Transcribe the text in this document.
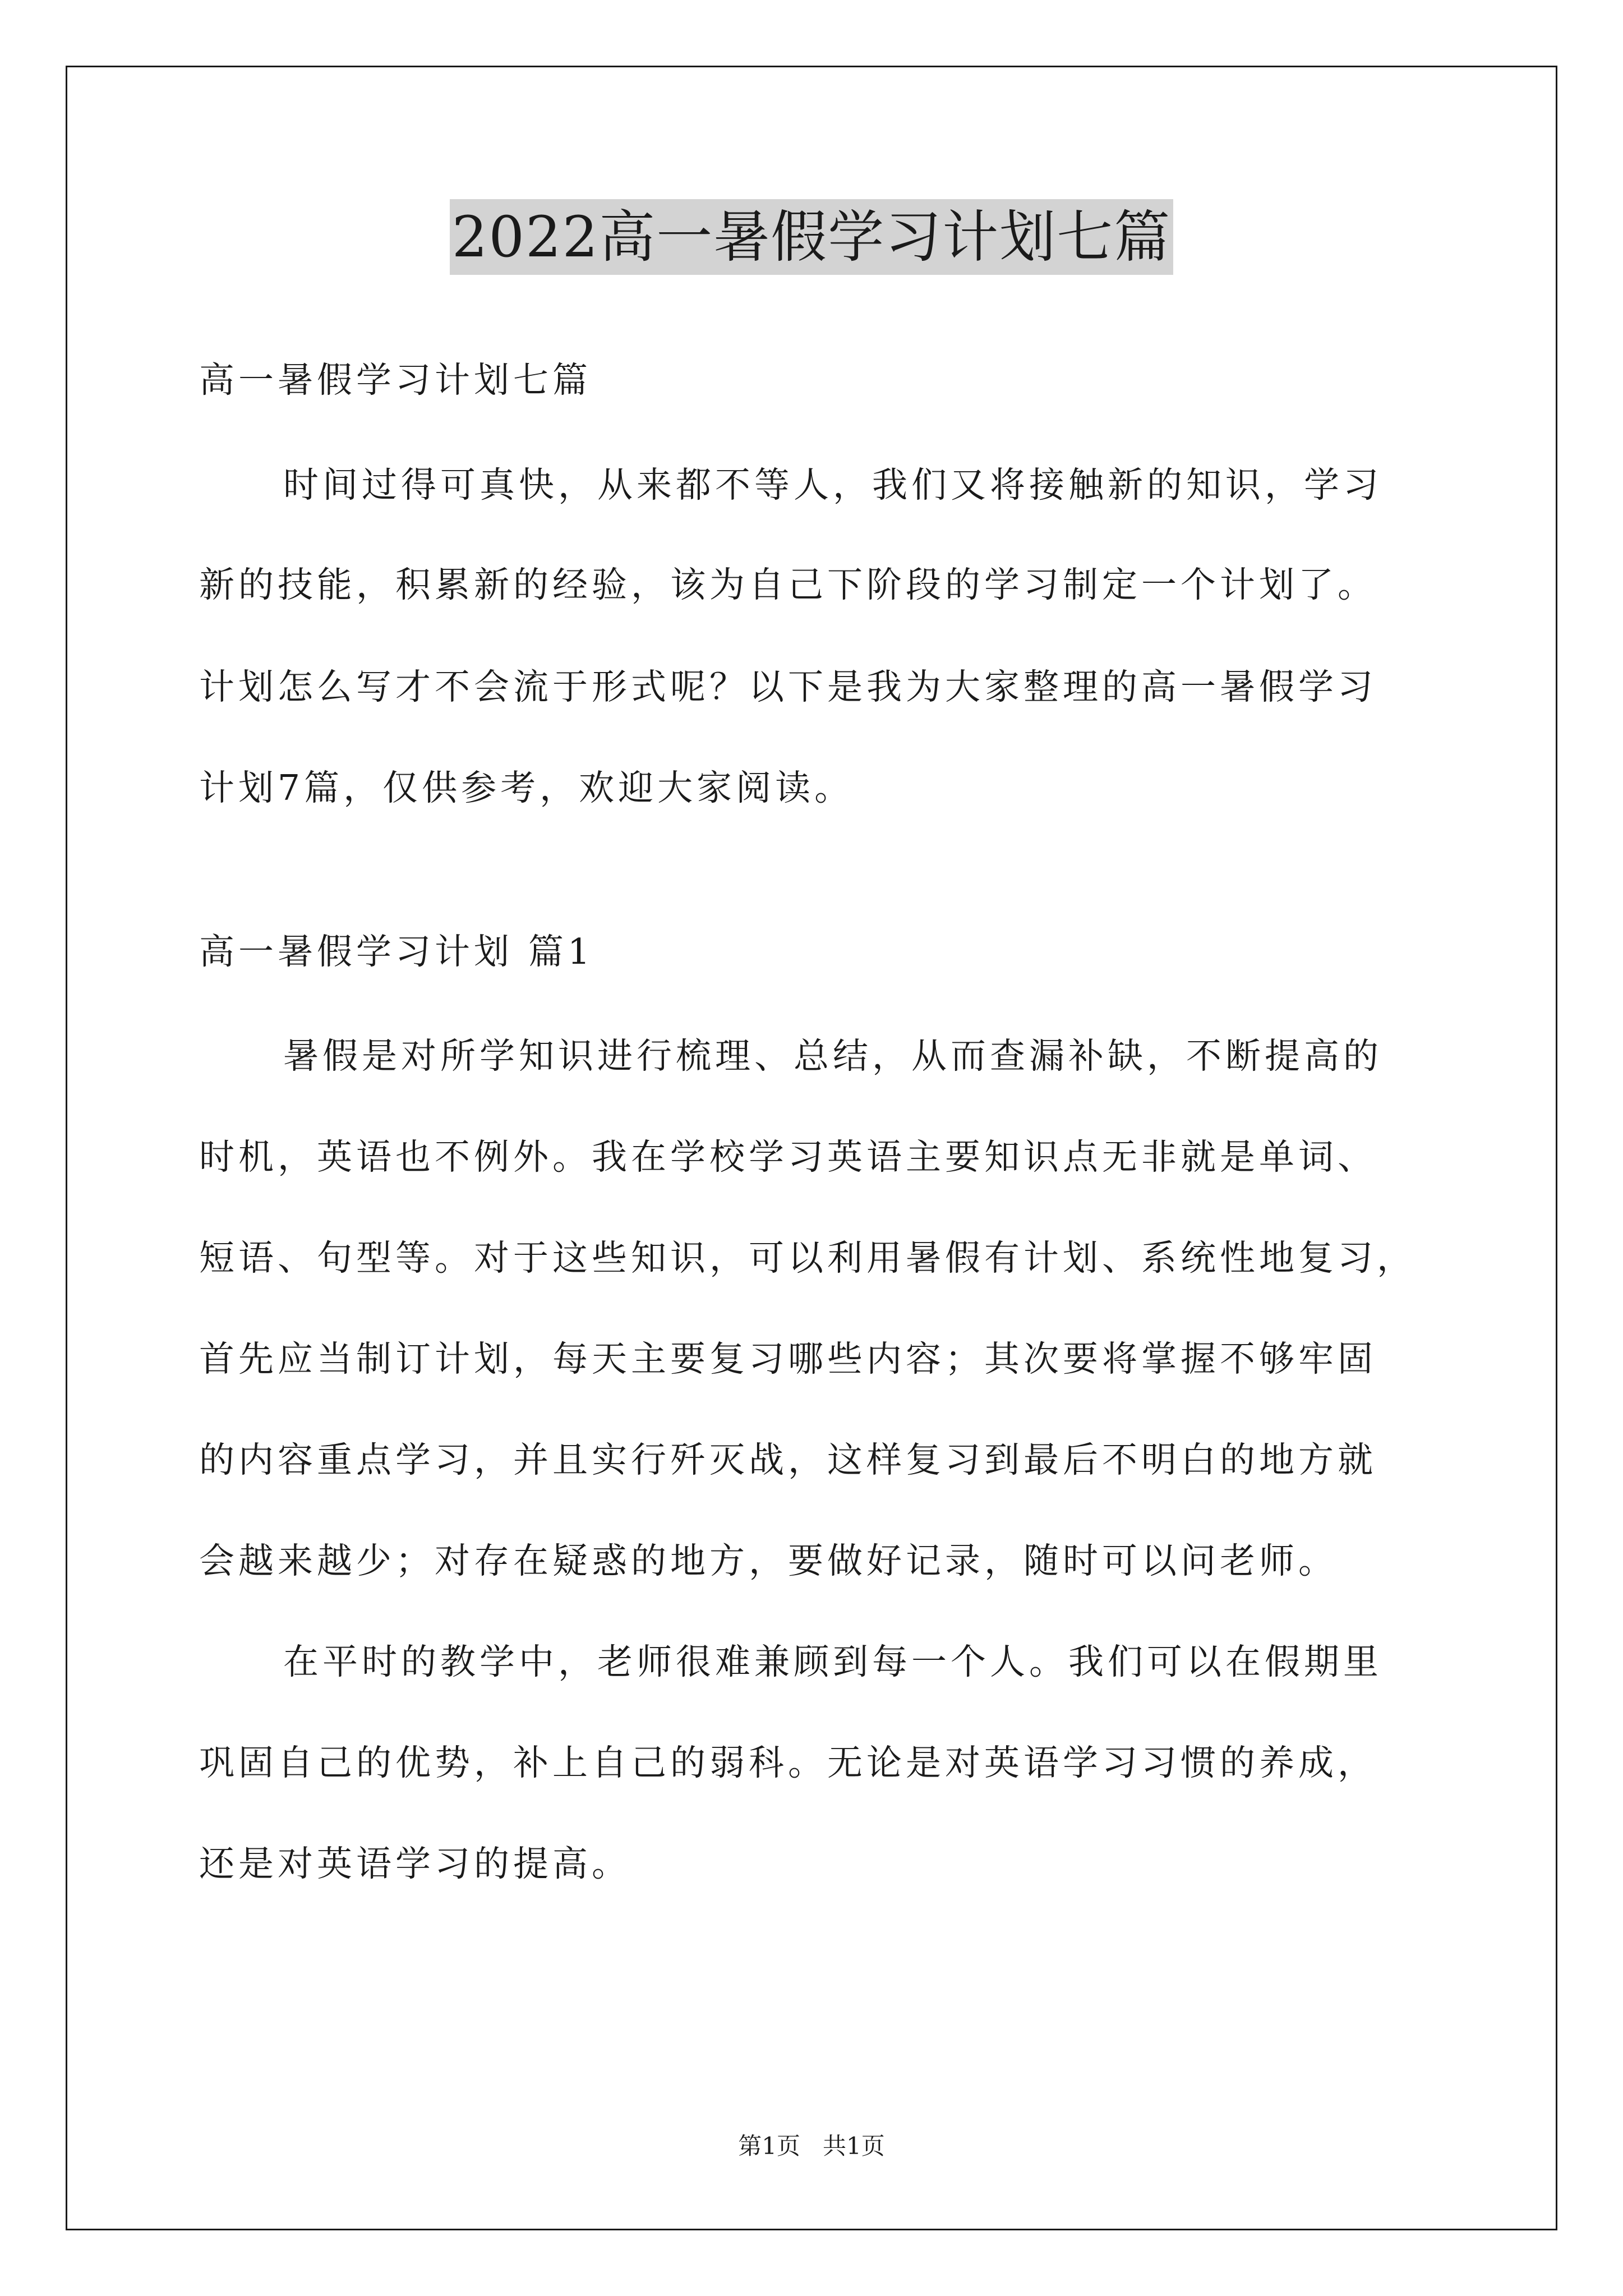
2022高一暑假学习计划七篇
高一暑假学习计划七篇
时间过得可真快，从来都不等人，我们又将接触新的知识，学习
新的技能，积累新的经验，该为自己下阶段的学习制定一个计划了。
计划怎么写才不会流于形式呢？以下是我为大家整理的高一暑假学习
计划7篇，仅供参考，欢迎大家阅读。
高一暑假学习计划 篇1
暑假是对所学知识进行梳理、总结，从而查漏补缺，不断提高的
时机，英语也不例外。我在学校学习英语主要知识点无非就是单词、
短语、句型等。对于这些知识，可以利用暑假有计划、系统性地复习，
首先应当制订计划，每天主要复习哪些内容；其次要将掌握不够牢固
的内容重点学习，并且实行歼灭战，这样复习到最后不明白的地方就
会越来越少；对存在疑惑的地方，要做好记录，随时可以问老师。
在平时的教学中，老师很难兼顾到每一个人。我们可以在假期里
巩固自己的优势，补上自己的弱科。无论是对英语学习习惯的养成，
还是对英语学习的提高。
第1页   共1页
